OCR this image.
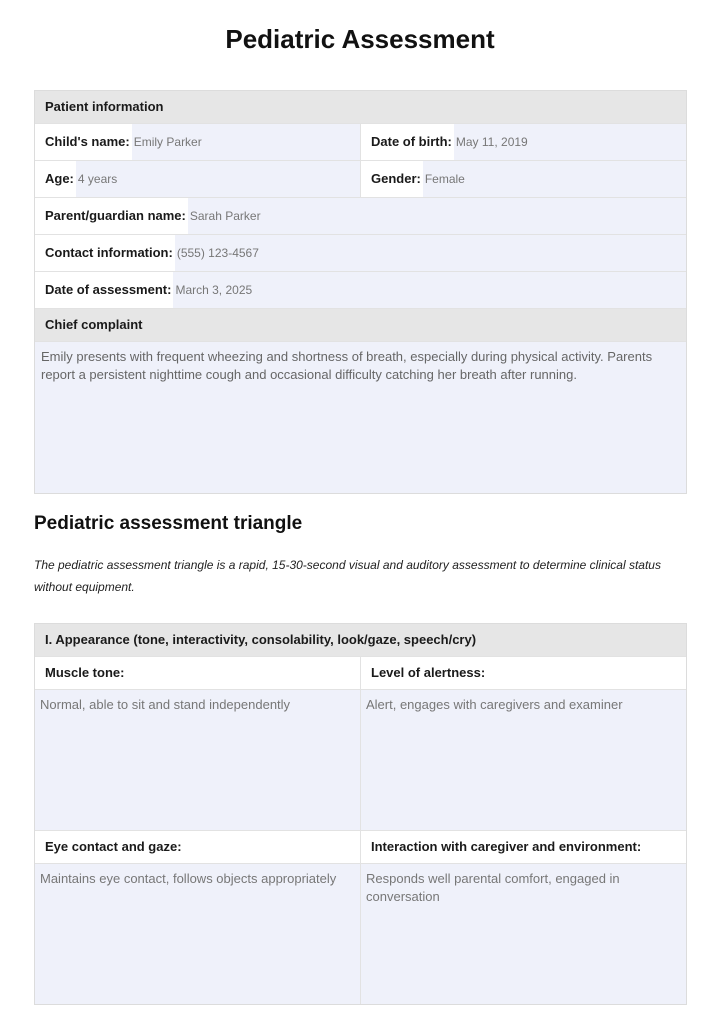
Pediatric Assessment
Patient information
Child's name: Emily Parker	Date of birth: May 11, 2019
Age: 4 years	Gender: Female
Parent/guardian name: Sarah Parker
Contact information: (555) 123-4567
Date of assessment: March 3, 2025
Chief complaint
Emily presents with frequent wheezing and shortness of breath, especially during physical activity. Parents report a persistent nighttime cough and occasional difficulty catching her breath after running.
Pediatric assessment triangle
The pediatric assessment triangle is a rapid, 15-30-second visual and auditory assessment to determine clinical status without equipment.
I. Appearance (tone, interactivity, consolability, look/gaze, speech/cry)
Muscle tone:	Level of alertness:
Normal, able to sit and stand independently	Alert, engages with caregivers and examiner
Eye contact and gaze:	Interaction with caregiver and environment:
Maintains eye contact, follows objects appropriately	Responds well parental comfort, engaged in conversation
